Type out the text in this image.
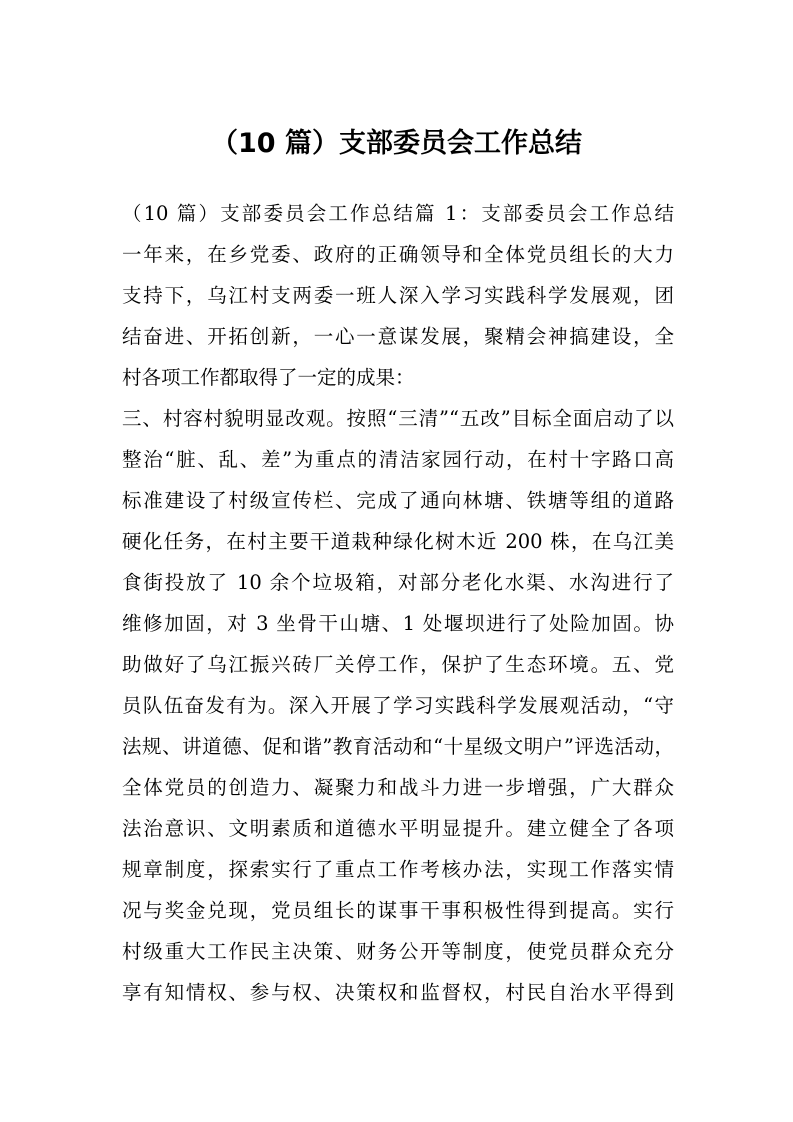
（10 篇）支部委员会工作总结
（10 篇）支部委员会工作总结篇 1：支部委员会工作总结
一年来，在乡党委、政府的正确领导和全体党员组长的大力
支持下，乌江村支两委一班人深入学习实践科学发展观，团
结奋进、开拓创新，一心一意谋发展，聚精会神搞建设，全
村各项工作都取得了一定的成果：
三、村容村貌明显改观。按照“三清”“五改”目标全面启动了以
整治“脏、乱、差”为重点的清洁家园行动，在村十字路口高
标准建设了村级宣传栏、完成了通向林塘、铁塘等组的道路
硬化任务，在村主要干道栽种绿化树木近 200 株，在乌江美
食街投放了 10 余个垃圾箱，对部分老化水渠、水沟进行了
维修加固，对 3 坐骨干山塘、1 处堰坝进行了处险加固。协
助做好了乌江振兴砖厂关停工作，保护了生态环境。五、党
员队伍奋发有为。深入开展了学习实践科学发展观活动，“守
法规、讲道德、促和谐”教育活动和“十星级文明户”评选活动，
全体党员的创造力、凝聚力和战斗力进一步增强，广大群众
法治意识、文明素质和道德水平明显提升。建立健全了各项
规章制度，探索实行了重点工作考核办法，实现工作落实情
况与奖金兑现，党员组长的谋事干事积极性得到提高。实行
村级重大工作民主决策、财务公开等制度，使党员群众充分
享有知情权、参与权、决策权和监督权，村民自治水平得到
